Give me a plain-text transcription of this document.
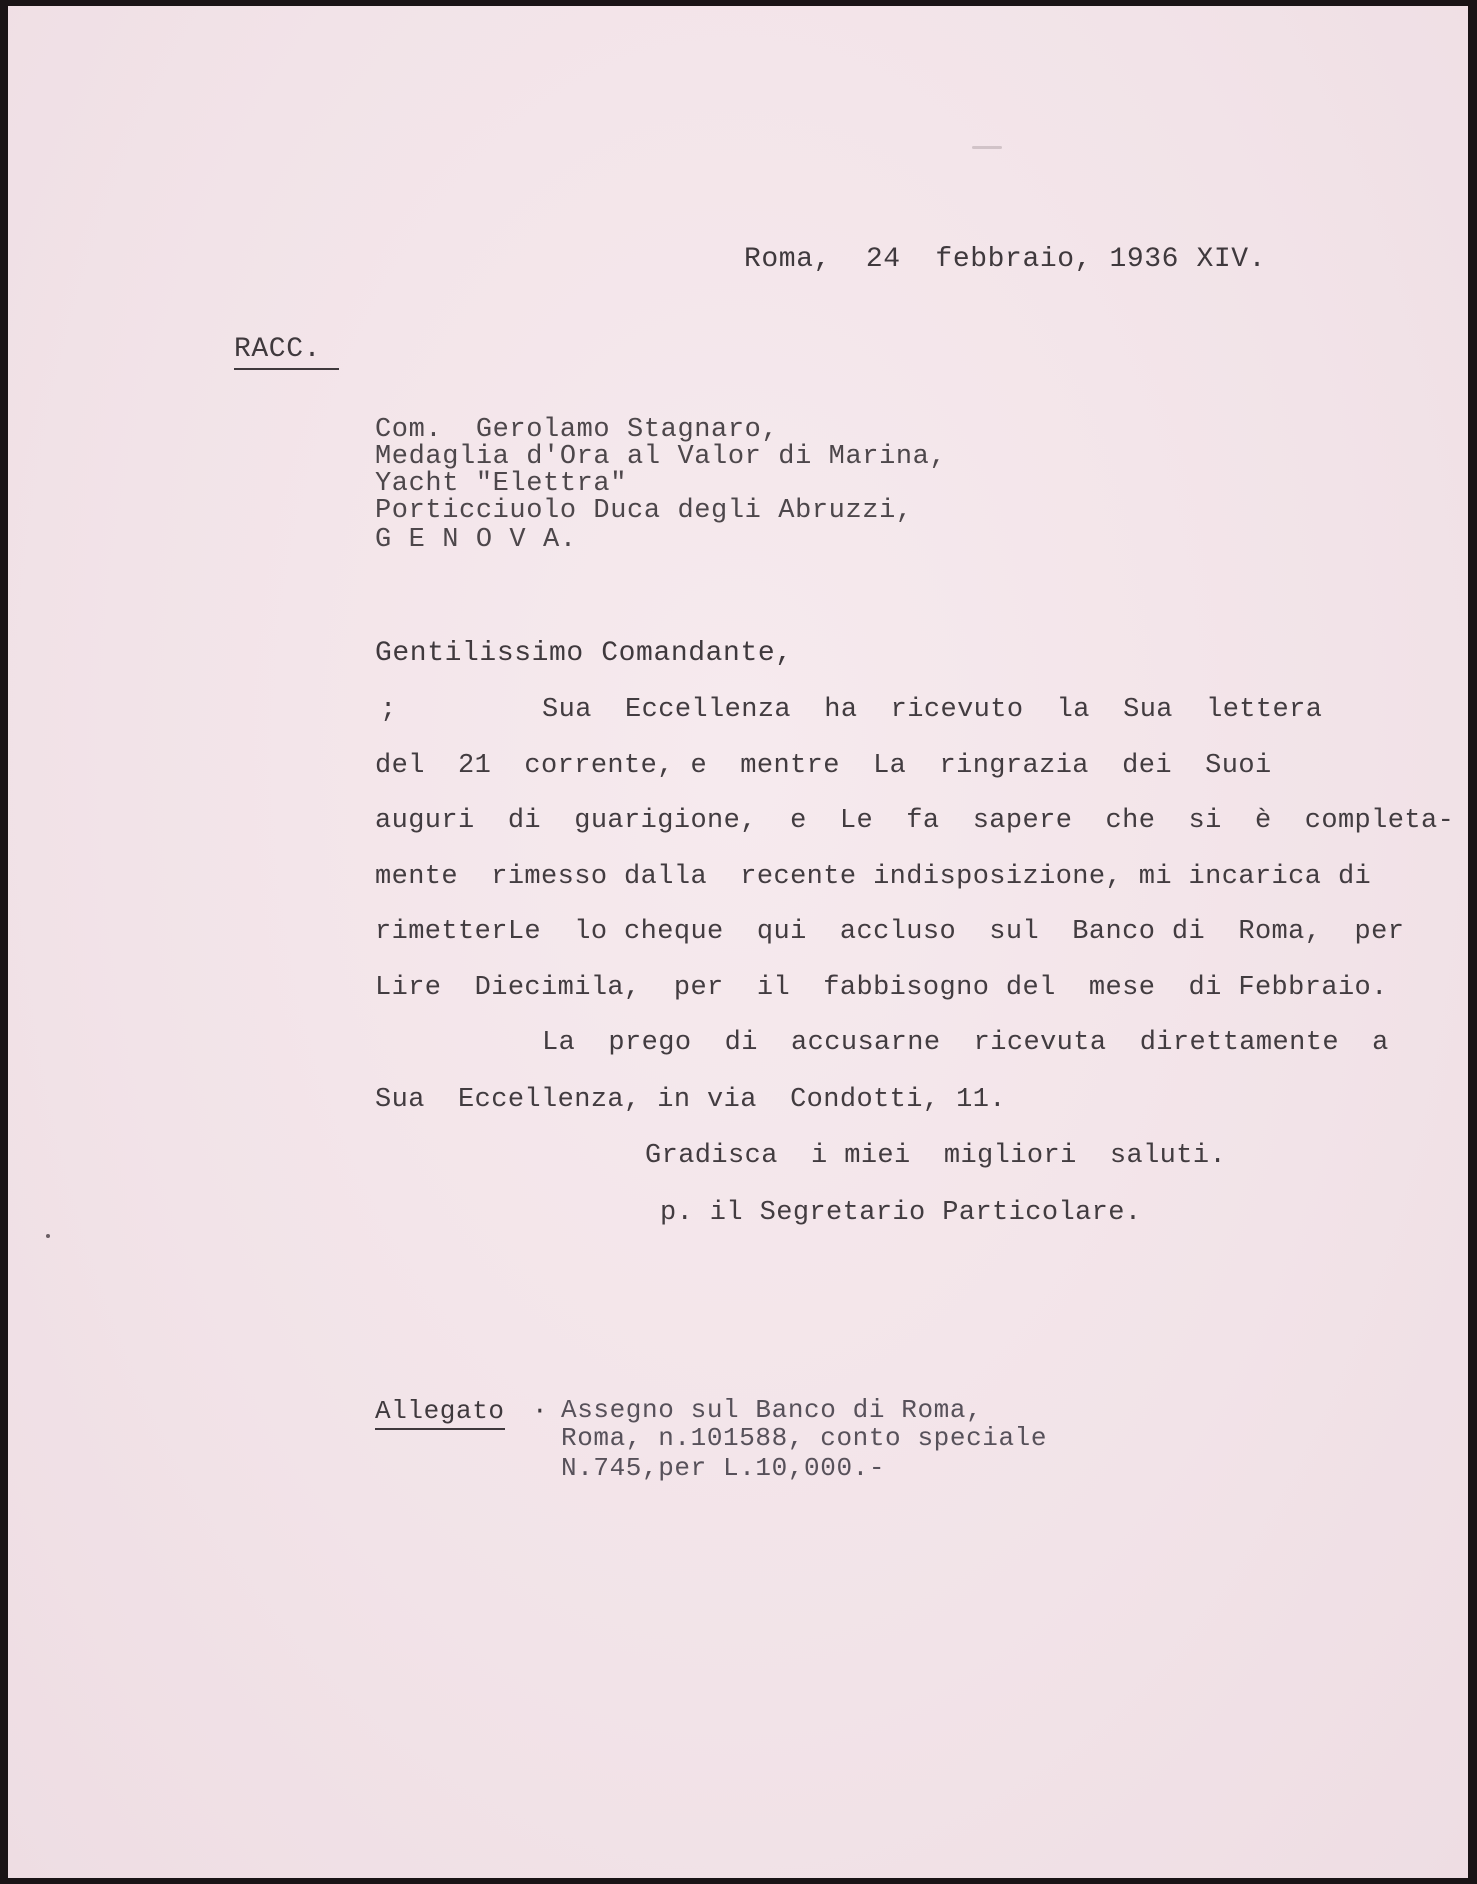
Roma,  24  febbraio, 1936 XIV.
RACC.
Com.  Gerolamo Stagnaro,
Medaglia d'Ora al Valor di Marina,
Yacht "Elettra"
Porticciuolo Duca degli Abruzzi,
G E N O V A.
Gentilissimo Comandante,
;	Sua  Eccellenza  ha  ricevuto  la  Sua  lettera
del  21  corrente, e  mentre  La  ringrazia  dei  Suoi
auguri  di  guarigione,  e  Le  fa  sapere  che  si  è  completa-
mente  rimesso dalla  recente indisposizione, mi incarica di
rimetterLe  lo cheque  qui  accluso  sul  Banco di  Roma,  per
Lire  Diecimila,  per  il  fabbisogno del  mese  di Febbraio.
La  prego  di  accusarne  ricevuta  direttamente  a
Sua  Eccellenza, in via  Condotti, 11.
Gradisca  i miei  migliori  saluti.
p. il Segretario Particolare.
Allegato · Assegno sul Banco di Roma,
Roma, n.101588, conto speciale
N.745,per L.10,000.-
